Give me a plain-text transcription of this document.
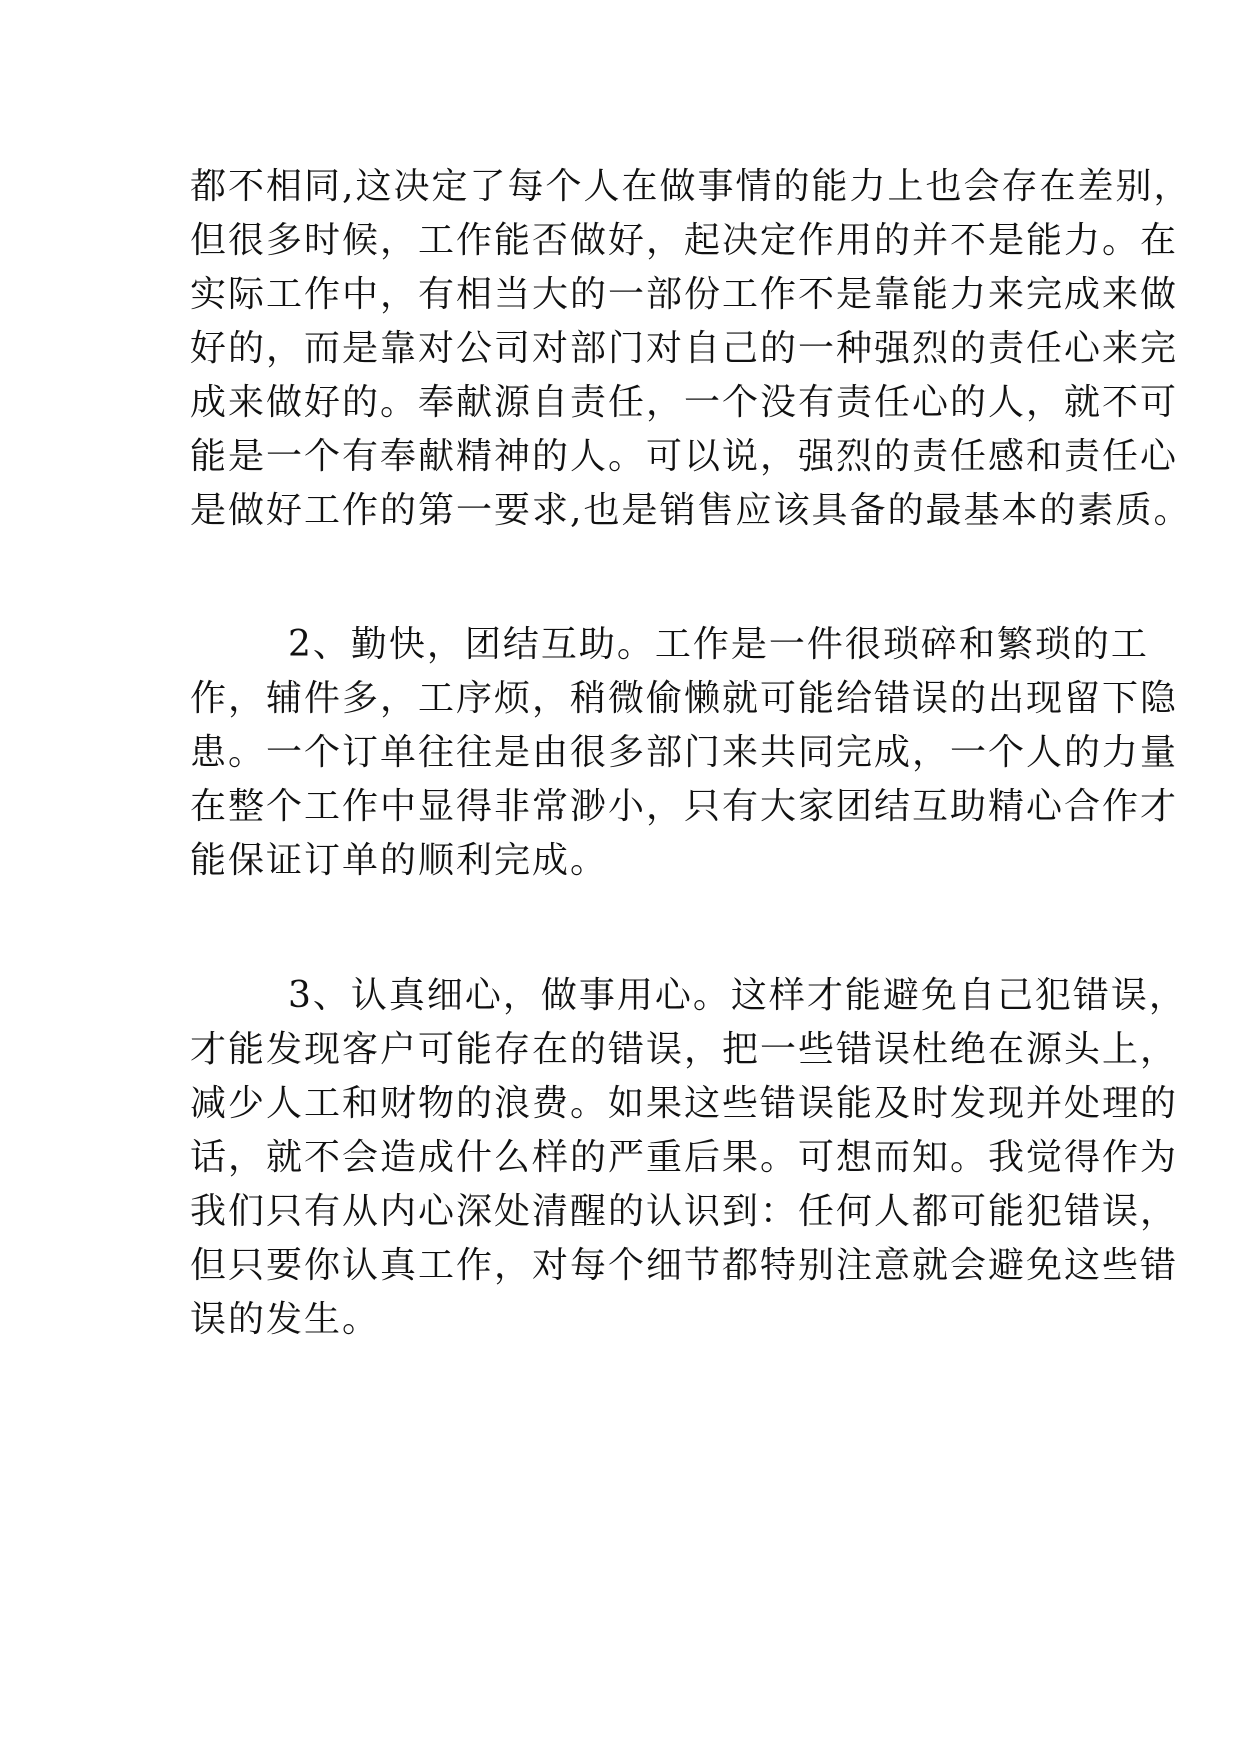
都不相同,这决定了每个人在做事情的能力上也会存在差别，
但很多时候，工作能否做好，起决定作用的并不是能力。在
实际工作中，有相当大的一部份工作不是靠能力来完成来做
好的，而是靠对公司对部门对自己的一种强烈的责任心来完
成来做好的。奉献源自责任，一个没有责任心的人，就不可
能是一个有奉献精神的人。可以说，强烈的责任感和责任心
是做好工作的第一要求,也是销售应该具备的最基本的素质。
2、勤快，团结互助。工作是一件很琐碎和繁琐的工
作，辅件多，工序烦，稍微偷懒就可能给错误的出现留下隐
患。一个订单往往是由很多部门来共同完成，一个人的力量
在整个工作中显得非常渺小，只有大家团结互助精心合作才
能保证订单的顺利完成。
3、认真细心，做事用心。这样才能避免自己犯错误，
才能发现客户可能存在的错误，把一些错误杜绝在源头上，
减少人工和财物的浪费。如果这些错误能及时发现并处理的
话，就不会造成什么样的严重后果。可想而知。我觉得作为
我们只有从内心深处清醒的认识到：任何人都可能犯错误，
但只要你认真工作，对每个细节都特别注意就会避免这些错
误的发生。
